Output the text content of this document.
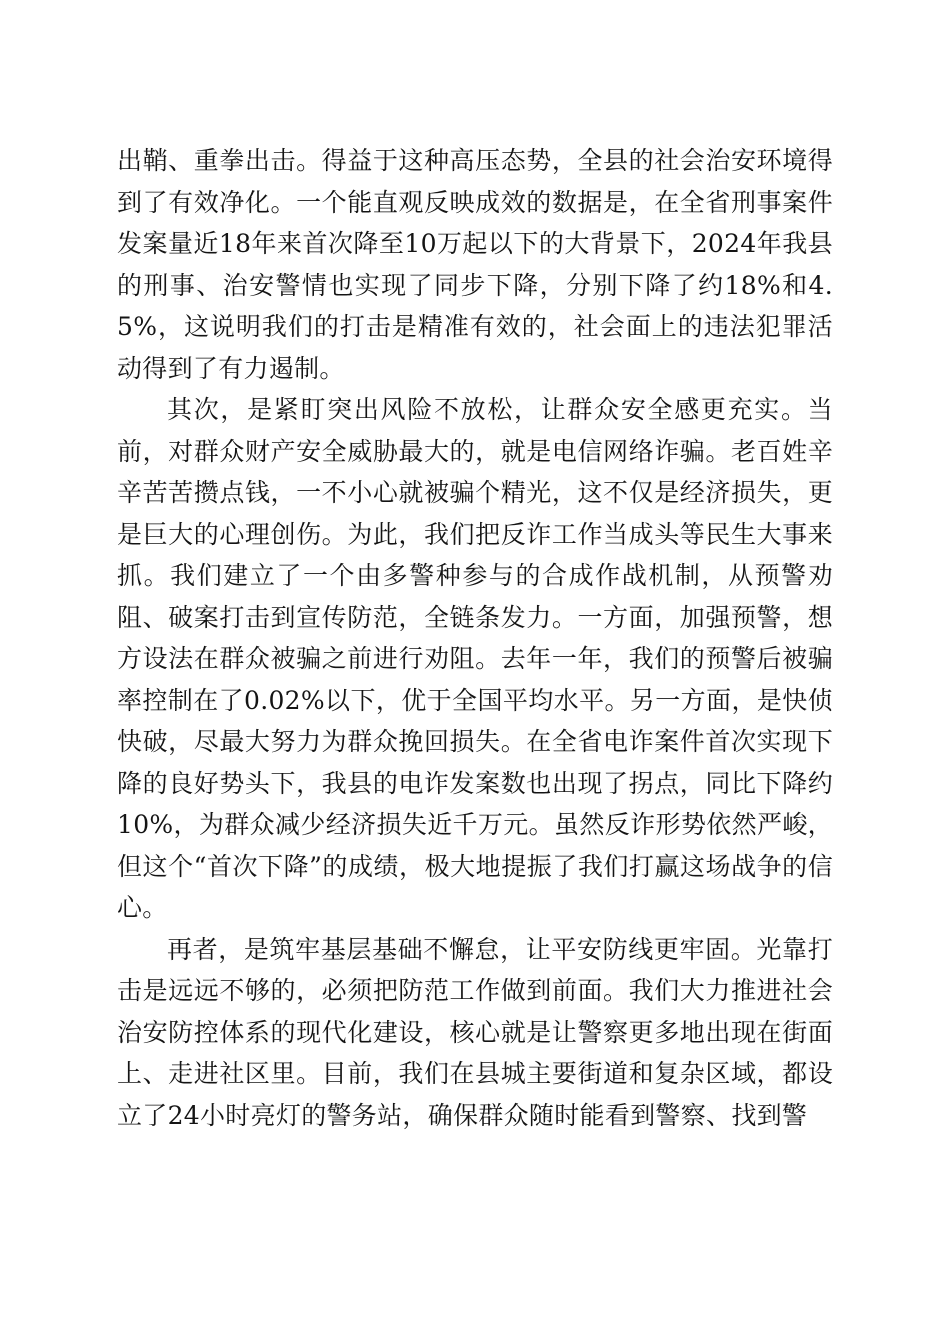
出鞘、重拳出击。得益于这种高压态势，全县的社会治安环境得到了有效净化。一个能直观反映成效的数据是，在全省刑事案件发案量近18年来首次降至10万起以下的大背景下，2024年我县的刑事、治安警情也实现了同步下降，分别下降了约18%和4.5%，这说明我们的打击是精准有效的，社会面上的违法犯罪活动得到了有力遏制。

其次，是紧盯突出风险不放松，让群众安全感更充实。当前，对群众财产安全威胁最大的，就是电信网络诈骗。老百姓辛辛苦苦攒点钱，一不小心就被骗个精光，这不仅是经济损失，更是巨大的心理创伤。为此，我们把反诈工作当成头等民生大事来抓。我们建立了一个由多警种参与的合成作战机制，从预警劝阻、破案打击到宣传防范，全链条发力。一方面，加强预警，想方设法在群众被骗之前进行劝阻。去年一年，我们的预警后被骗率控制在了0.02%以下，优于全国平均水平。另一方面，是快侦快破，尽最大努力为群众挽回损失。在全省电诈案件首次实现下降的良好势头下，我县的电诈发案数也出现了拐点，同比下降约10%，为群众减少经济损失近千万元。虽然反诈形势依然严峻，但这个“首次下降”的成绩，极大地提振了我们打赢这场战争的信心。

再者，是筑牢基层基础不懈怠，让平安防线更牢固。光靠打击是远远不够的，必须把防范工作做到前面。我们大力推进社会治安防控体系的现代化建设，核心就是让警察更多地出现在街面上、走进社区里。目前，我们在县城主要街道和复杂区域，都设立了24小时亮灯的警务站，确保群众随时能看到警察、找到警
